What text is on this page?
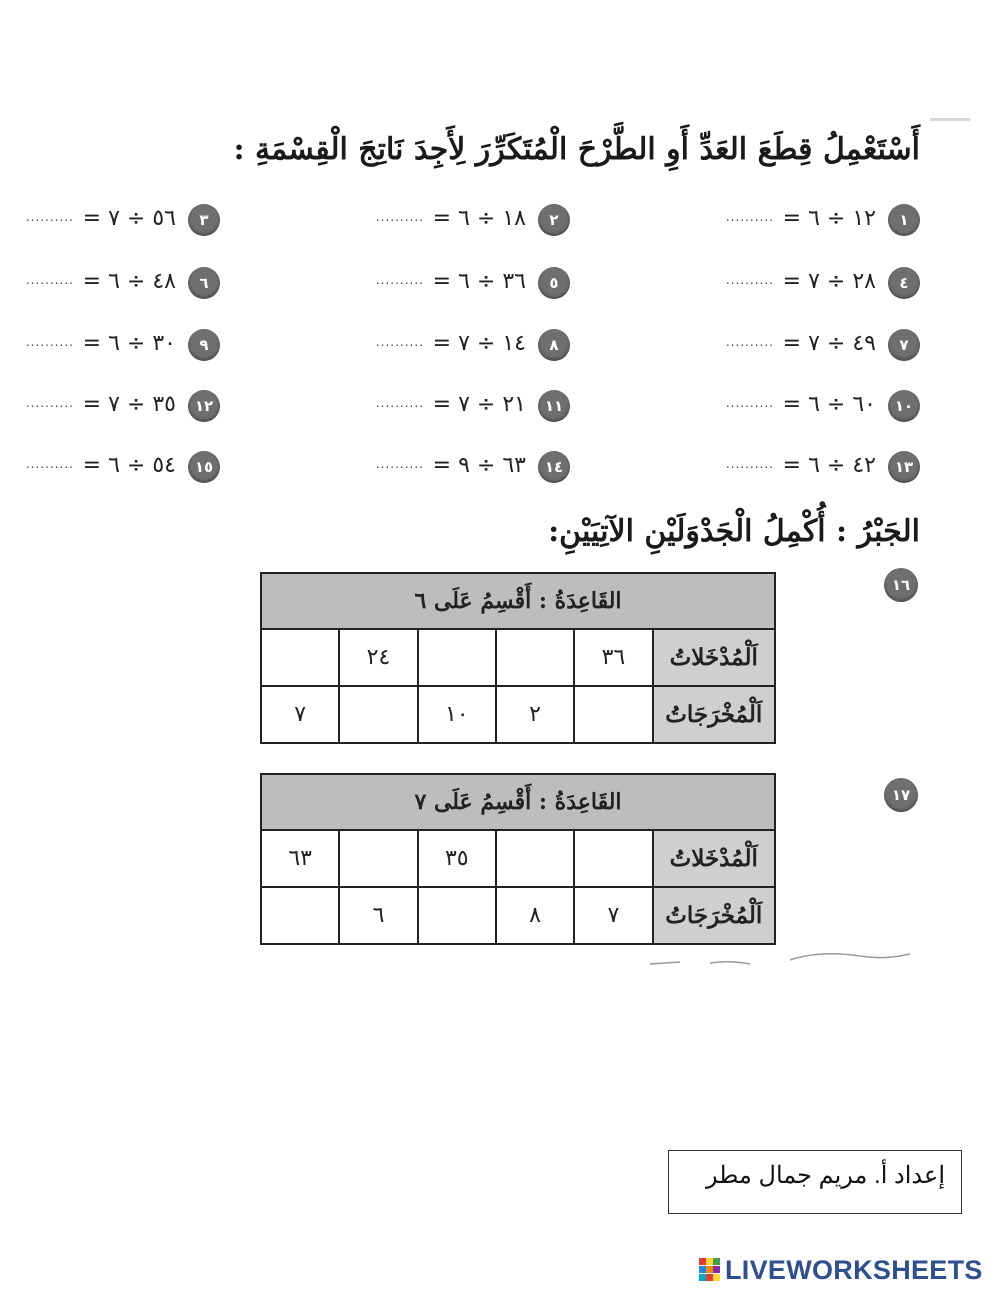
أَسْتَعْمِلُ قِطَعَ العَدِّ أَوِ الطَّرْحَ الْمُتَكَرِّرَ لِأَجِدَ نَاتِجَ الْقِسْمَةِ :
١
١٢ ÷ ٦ =
..........
٢
١٨ ÷ ٦ =
..........
٣
٥٦ ÷ ٧ =
..........
٤
٢٨ ÷ ٧ =
..........
٥
٣٦ ÷ ٦ =
..........
٦
٤٨ ÷ ٦ =
..........
٧
٤٩ ÷ ٧ =
..........
٨
١٤ ÷ ٧ =
..........
٩
٣٠ ÷ ٦ =
..........
١٠
٦٠ ÷ ٦ =
..........
١١
٢١ ÷ ٧ =
..........
١٢
٣٥ ÷ ٧ =
..........
١٣
٤٢ ÷ ٦ =
..........
١٤
٦٣ ÷ ٩ =
..........
١٥
٥٤ ÷ ٦ =
..........
الجَبْرُ : أُكْمِلُ الْجَدْوَلَيْنِ الآتِيَيْنِ:
١٦
القَاعِدَةُ : أَقْسِمُ عَلَى ٦					
اَلْمُدْخَلاتُ	٣٦			٢٤	
اَلْمُخْرَجَاتُ		٢	١٠		٧
١٧
القَاعِدَةُ : أَقْسِمُ عَلَى ٧					
اَلْمُدْخَلاتُ			٣٥		٦٣
اَلْمُخْرَجَاتُ	٧	٨		٦	
إعداد أ. مريم جمال مطر
LIVEWORKSHEETS
